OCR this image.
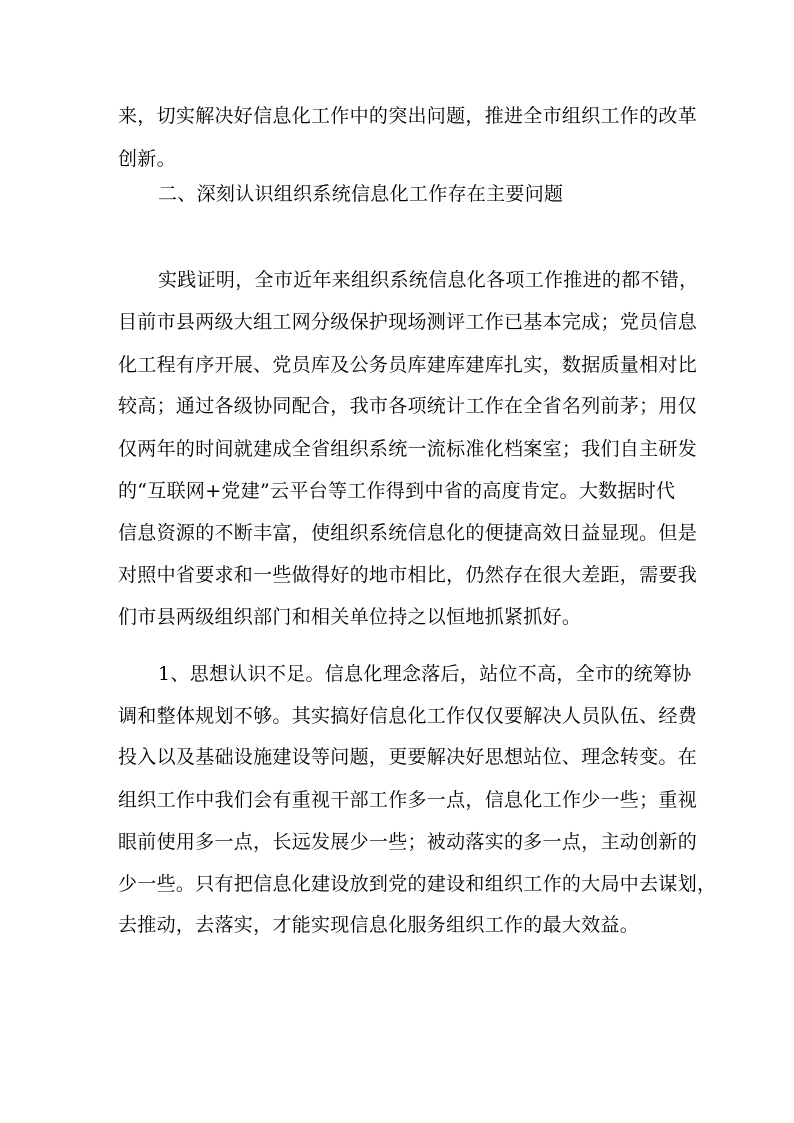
来，切实解决好信息化工作中的突出问题，推进全市组织工作的改革
创新。
二、深刻认识组织系统信息化工作存在主要问题
实践证明，全市近年来组织系统信息化各项工作推进的都不错，
目前市县两级大组工网分级保护现场测评工作已基本完成；党员信息
化工程有序开展、党员库及公务员库建库建库扎实，数据质量相对比
较高；通过各级协同配合，我市各项统计工作在全省名列前茅；用仅
仅两年的时间就建成全省组织系统一流标准化档案室；我们自主研发
的“互联网+党建”云平台等工作得到中省的高度肯定。大数据时代
信息资源的不断丰富，使组织系统信息化的便捷高效日益显现。但是
对照中省要求和一些做得好的地市相比，仍然存在很大差距，需要我
们市县两级组织部门和相关单位持之以恒地抓紧抓好。
1、思想认识不足。信息化理念落后，站位不高，全市的统筹协
调和整体规划不够。其实搞好信息化工作仅仅要解决人员队伍、经费
投入以及基础设施建设等问题，更要解决好思想站位、理念转变。在
组织工作中我们会有重视干部工作多一点，信息化工作少一些；重视
眼前使用多一点，长远发展少一些；被动落实的多一点，主动创新的
少一些。只有把信息化建设放到党的建设和组织工作的大局中去谋划，
去推动，去落实，才能实现信息化服务组织工作的最大效益。
